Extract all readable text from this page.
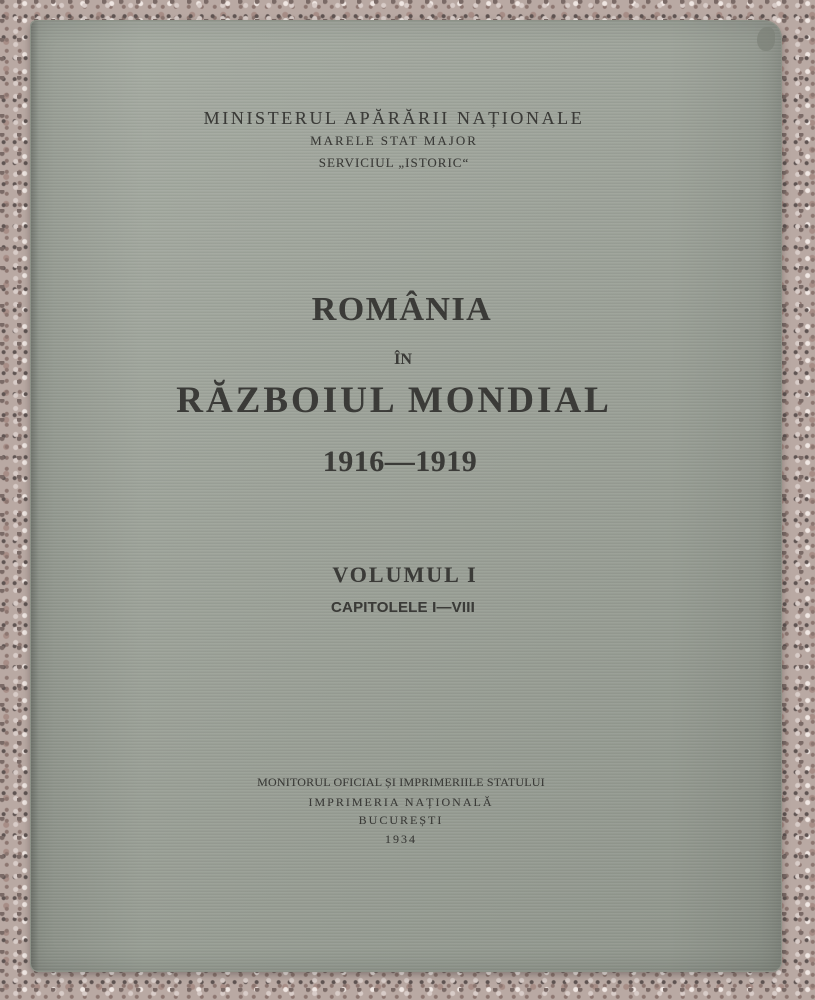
MINISTERUL APĂRĂRII NAȚIONALE
MARELE STAT MAJOR
SERVICIUL „ISTORIC“
ROMÂNIA
ÎN
RĂZBOIUL MONDIAL
1916—1919
VOLUMUL I
CAPITOLELE I—VIII
MONITORUL OFICIAL ȘI IMPRIMERIILE STATULUI
IMPRIMERIA NAȚIONALĂ
BUCUREȘTI
1934
